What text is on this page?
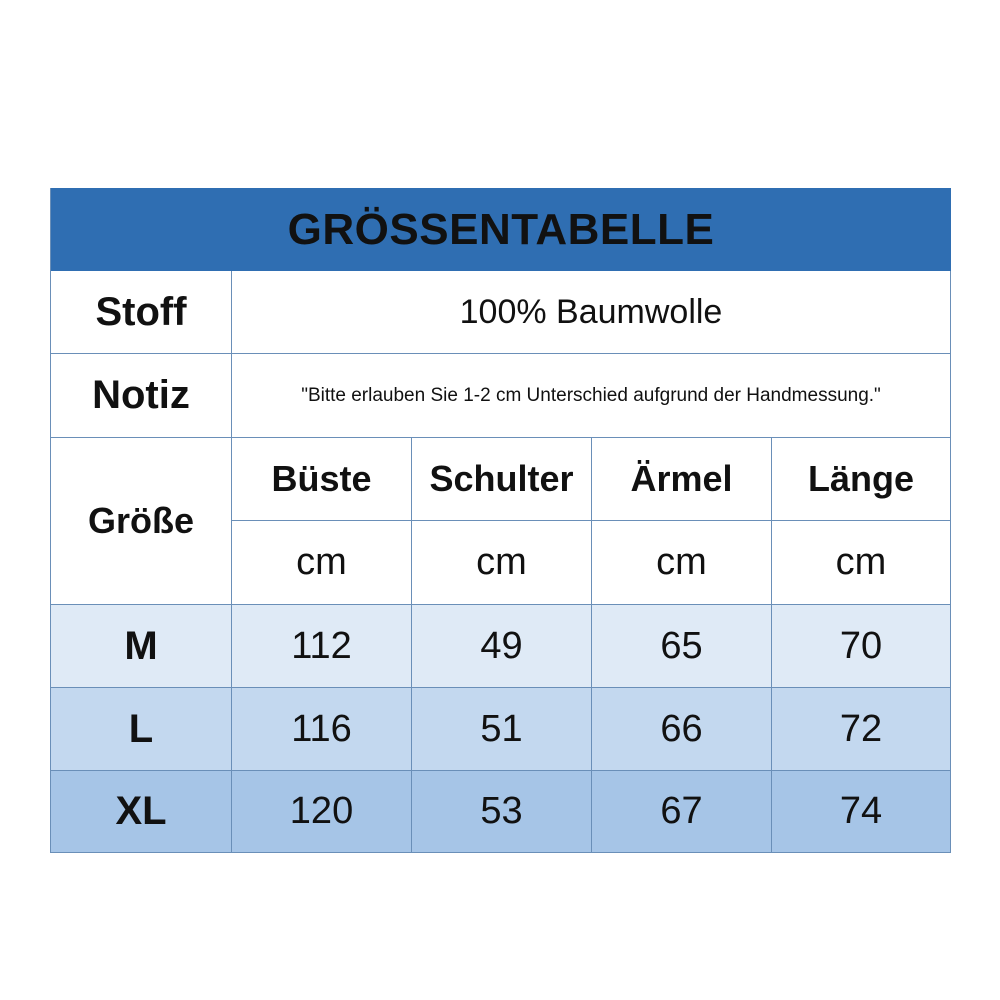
GRÖSSENTABELLE
Stoff	100% Baumwolle
Notiz	"Bitte erlauben Sie 1-2 cm Unterschied aufgrund der Handmessung."
Größe
Büste	Schulter	Ärmel	Länge
cm	cm	cm	cm
M	112	49	65	70
L	116	51	66	72
XL	120	53	67	74
